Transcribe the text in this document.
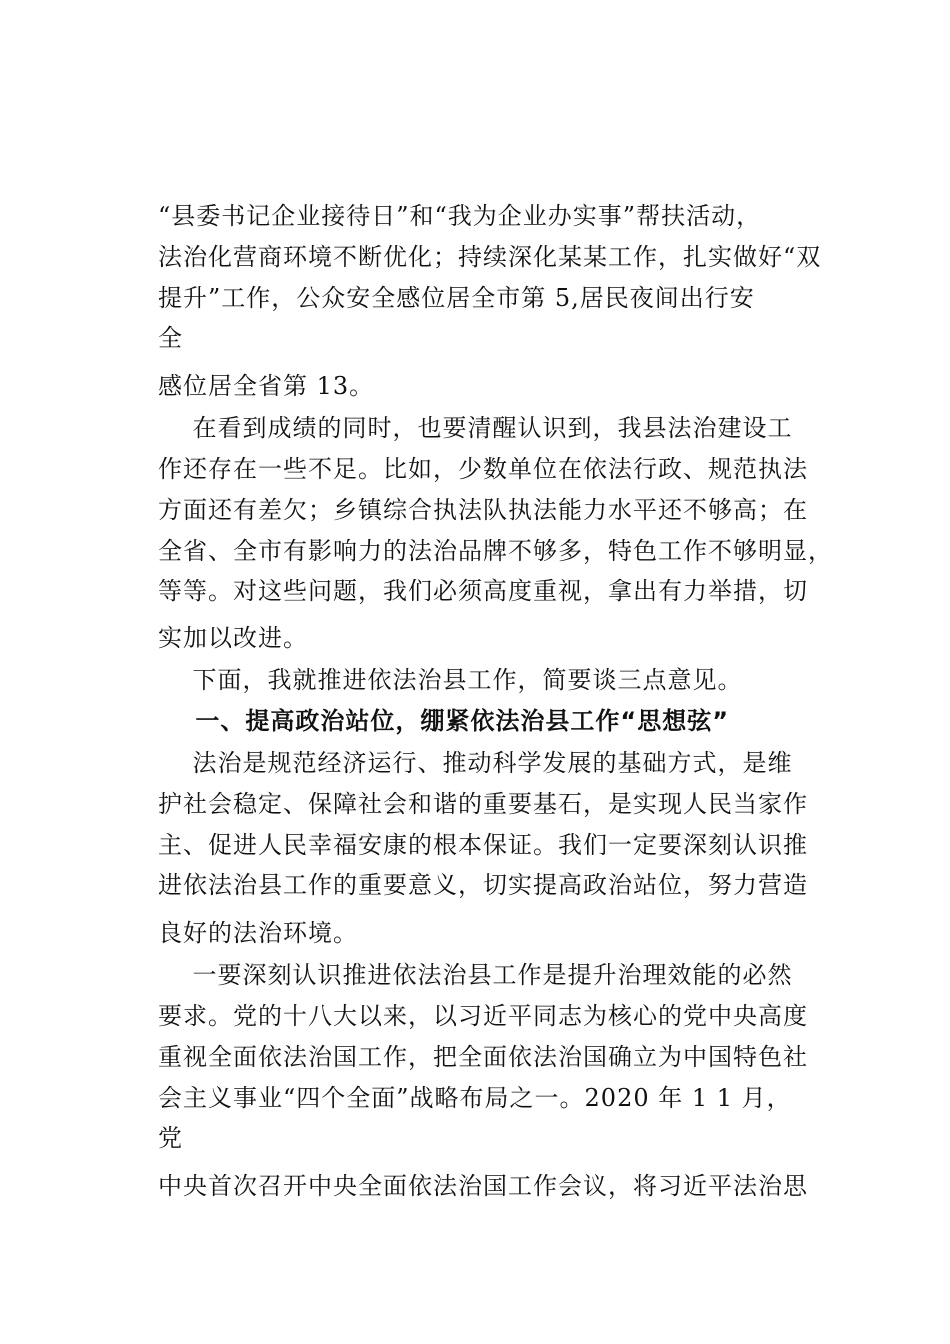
“县委书记企业接待日”和“我为企业办实事”帮扶活动，
法治化营商环境不断优化；持续深化某某工作，扎实做好“双
提升”工作，公众安全感位居全市第 5,居民夜间出行安
全
感位居全省第 13。
在看到成绩的同时，也要清醒认识到，我县法治建设工
作还存在一些不足。比如，少数单位在依法行政、规范执法
方面还有差欠；乡镇综合执法队执法能力水平还不够高；在
全省、全市有影响力的法治品牌不够多，特色工作不够明显，
等等。对这些问题，我们必须高度重视，拿出有力举措，切
实加以改进。
下面，我就推进依法治县工作，简要谈三点意见。
一、提高政治站位，绷紧依法治县工作“思想弦”
法治是规范经济运行、推动科学发展的基础方式，是维
护社会稳定、保障社会和谐的重要基石，是实现人民当家作
主、促进人民幸福安康的根本保证。我们一定要深刻认识推
进依法治县工作的重要意义，切实提高政治站位，努力营造
良好的法治环境。
一要深刻认识推进依法治县工作是提升治理效能的必然
要求。党的十八大以来，以习近平同志为核心的党中央高度
重视全面依法治国工作，把全面依法治国确立为中国特色社
会主义事业“四个全面”战略布局之一。2020 年 1 1 月，
党
中央首次召开中央全面依法治国工作会议，将习近平法治思
